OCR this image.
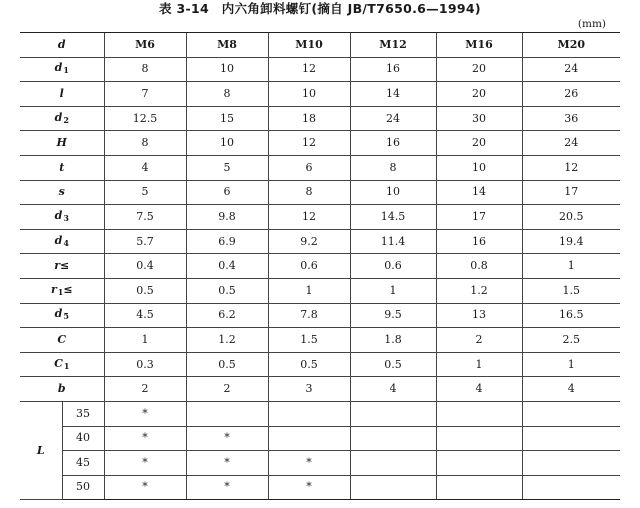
表 3-14　内六角卸料螺钉(摘自 JB/T7650.6—1994)
(mm)
d		M6	M8	M10	M12	M16	M20
d1		8	10	12	16	20	24
l		7	8	10	14	20	26
d2		12.5	15	18	24	30	36
H		8	10	12	16	20	24
t		4	5	6	8	10	12
s		5	6	8	10	14	17
d3		7.5	9.8	12	14.5	17	20.5
d4		5.7	6.9	9.2	11.4	16	19.4
r≤		0.4	0.4	0.6	0.6	0.8	1
r1≤		0.5	0.5	1	1	1.2	1.5
d5		4.5	6.2	7.8	9.5	13	16.5
C		1	1.2	1.5	1.8	2	2.5
C1		0.3	0.5	0.5	0.5	1	1
b		2	2	3	4	4	4
L	35	*					
	40	*	*				
	45	*	*	*			
	50	*	*	*			
